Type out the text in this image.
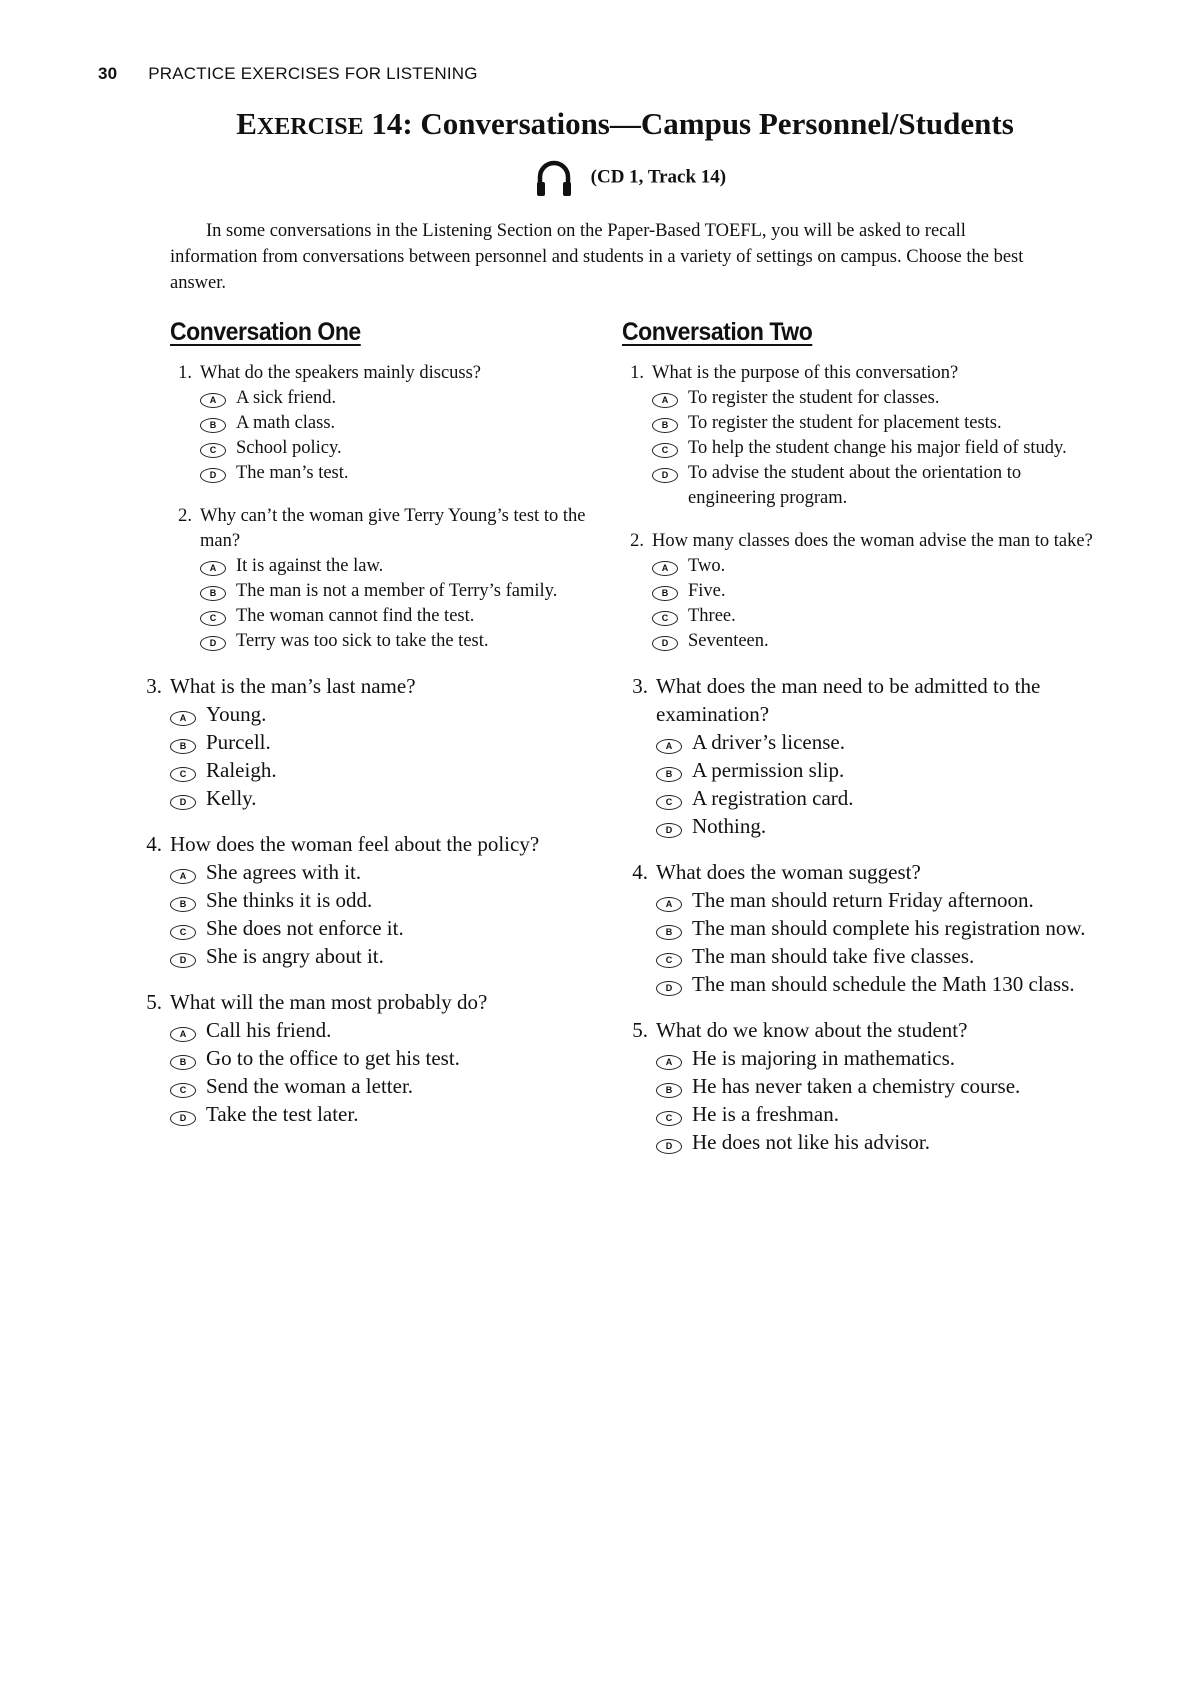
30 PRACTICE EXERCISES FOR LISTENING
EXERCISE 14: Conversations—Campus Personnel/Students
(CD 1, Track 14)

In some conversations in the Listening Section on the Paper-Based TOEFL, you will be asked to recall information from conversations between personnel and students in a variety of settings on campus. Choose the best answer.

Conversation One
1. What do the speakers mainly discuss?

A	A sick friend.
B	A math class.
C	School policy.
D	The man’s test.
2. Why can’t the woman give Terry Young’s test to the man?

A	It is against the law.
B	The man is not a member of Terry’s family.
C	The woman cannot find the test.
D	Terry was too sick to take the test.
3. What is the man’s last name?

A Young.
B Purcell.
C Raleigh.
D Kelly.
4. How does the woman feel about the policy?

A She agrees with it.
B She thinks it is odd.
C She does not enforce it.
D She is angry about it.
5. What will the man most probably do?

A Call his friend.
B Go to the office to get his test.
C Send the woman a letter.
D Take the test later.
Conversation Two
1. What is the purpose of this conversation?

A	To register the student for classes.
B	To register the student for placement tests.
C	To help the student change his major field of study.
D	To advise the student about the orientation to engineering program.
2. How many classes does the woman advise the man to take?

A	Two.
B	Five.
C	Three.
D	Seventeen.
3. What does the man need to be admitted to the examination?

A A driver’s license.
B A permission slip.
C A registration card.
D Nothing.
4. What does the woman suggest?

A The man should return Friday afternoon.
B The man should complete his registration now.
C The man should take five classes.
D The man should schedule the Math 130 class.
5. What do we know about the student?

A He is majoring in mathematics.
B He has never taken a chemistry course.
C He is a freshman.
D He does not like his advisor.
